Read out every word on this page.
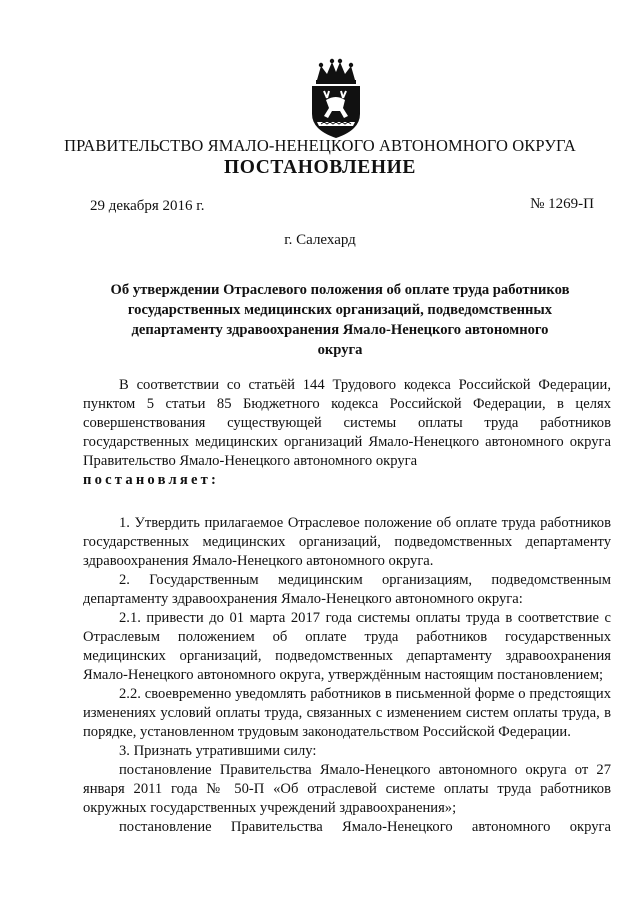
ПРАВИТЕЛЬСТВО ЯМАЛО-НЕНЕЦКОГО АВТОНОМНОГО ОКРУГА
ПОСТАНОВЛЕНИЕ
29 декабря 2016 г.	№ 1269-П
г. Салехард
Об утверждении Отраслевого положения об оплате труда работников государственных медицинских организаций, подведомственных департаменту здравоохранения Ямало-Ненецкого автономного округа

В соответствии со статьёй 144 Трудового кодекса Российской Федерации, пунктом 5 статьи 85 Бюджетного кодекса Российской Федерации, в целях совершенствования существующей системы оплаты труда работников государственных медицинских организаций Ямало-Ненецкого автономного округа Правительство Ямало-Ненецкого автономного округа

постановляет:

1. Утвердить прилагаемое Отраслевое положение об оплате труда работников государственных медицинских организаций, подведомственных департаменту здравоохранения Ямало-Ненецкого автономного округа.

2. Государственным медицинским организациям, подведомственным департаменту здравоохранения Ямало-Ненецкого автономного округа:

2.1. привести до 01 марта 2017 года системы оплаты труда в соответствие с Отраслевым положением об оплате труда работников государственных медицинских организаций, подведомственных департаменту здравоохранения Ямало-Ненецкого автономного округа, утверждённым настоящим постановлением;

2.2. своевременно уведомлять работников в письменной форме о предстоящих изменениях условий оплаты труда, связанных с изменением систем оплаты труда, в порядке, установленном трудовым законодательством Российской Федерации.

3. Признать утратившими силу:

постановление Правительства Ямало-Ненецкого автономного округа от 27 января 2011 года № 50-П «Об отраслевой системе оплаты труда работников окружных государственных учреждений здравоохранения»;

постановление Правительства Ямало-Ненецкого автономного округа
